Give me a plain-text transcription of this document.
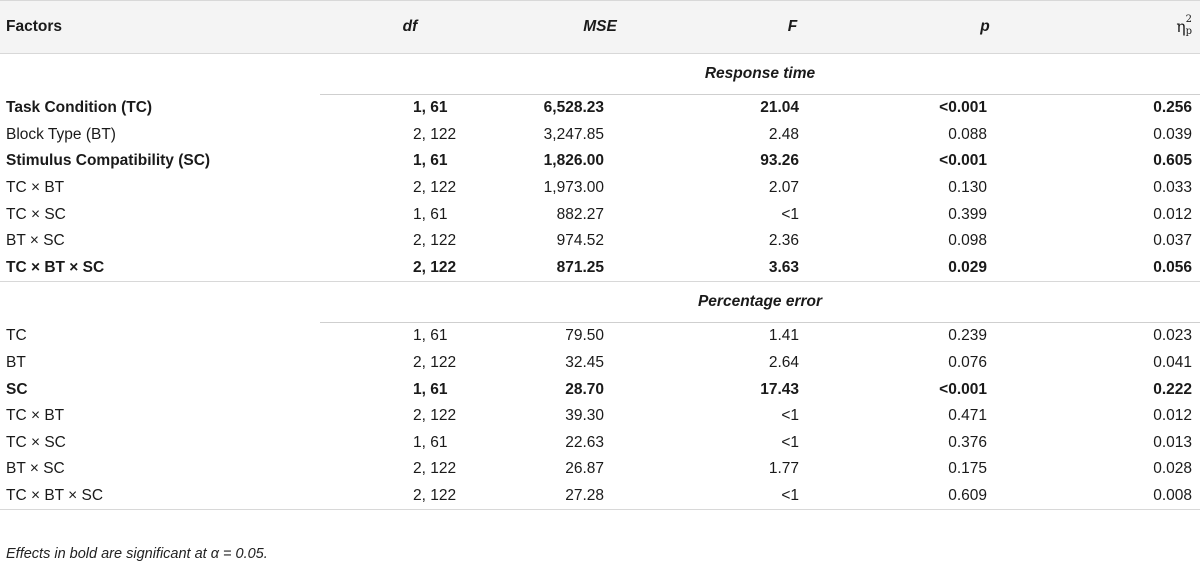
Factors	df	MSE	F	p	$\eta^2$
p

	Response time				
Task Condition (TC)	1, 61	6,528.23	21.04	<0.001	0.256
Block Type (BT)	2, 122	3,247.85	2.48	0.088	0.039
Stimulus Compatibility (SC)	1, 61	1,826.00	93.26	<0.001	0.605
TC × BT	2, 122	1,973.00	2.07	0.130	0.033
TC × SC	1, 61	882.27	<1	0.399	0.012
BT × SC	2, 122	974.52	2.36	0.098	0.037
TC × BT × SC	2, 122	871.25	3.63	0.029	0.056
	Percentage error				
TC	1, 61	79.50	1.41	0.239	0.023
BT	2, 122	32.45	2.64	0.076	0.041
SC	1, 61	28.70	17.43	<0.001	0.222
TC × BT	2, 122	39.30	<1	0.471	0.012
TC × SC	1, 61	22.63	<1	0.376	0.013
BT × SC	2, 122	26.87	1.77	0.175	0.028
TC × BT × SC	2, 122	27.28	<1	0.609	0.008
Effects in bold are significant at α = 0.05.
